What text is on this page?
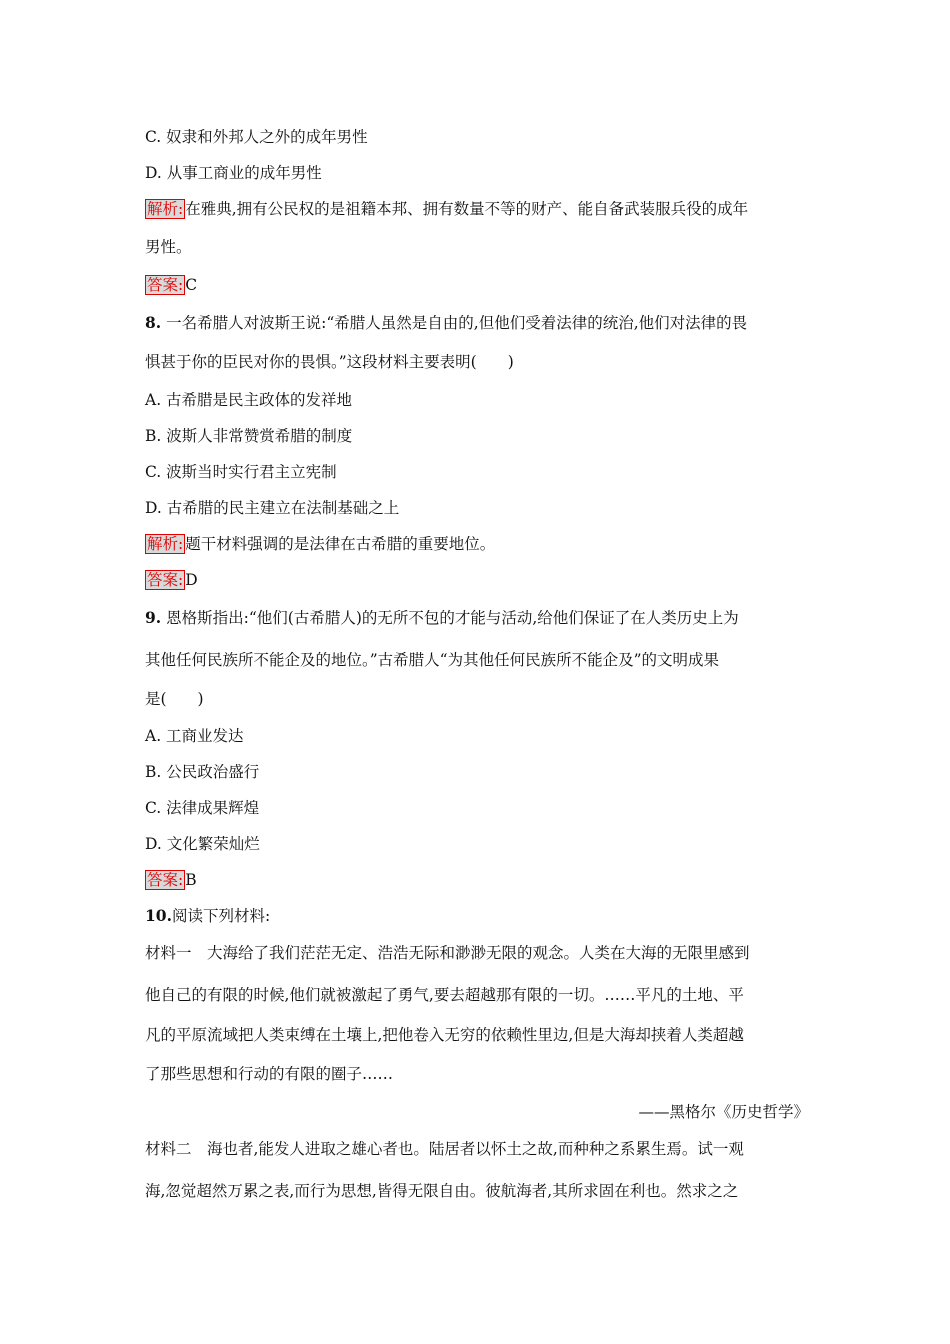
C. 奴隶和外邦人之外的成年男性
D. 从事工商业的成年男性
解析: 在雅典,拥有公民权的是祖籍本邦、拥有数量不等的财产、能自备武装服兵役的成年
男性。
答案: C
8. 一名希腊人对波斯王说:“希腊人虽然是自由的,但他们受着法律的统治,他们对法律的畏
惧甚于你的臣民对你的畏惧。”这段材料主要表明(　　)
A. 古希腊是民主政体的发祥地
B. 波斯人非常赞赏希腊的制度
C. 波斯当时实行君主立宪制
D. 古希腊的民主建立在法制基础之上
解析: 题干材料强调的是法律在古希腊的重要地位。
答案: D
9. 恩格斯指出:“他们(古希腊人)的无所不包的才能与活动,给他们保证了在人类历史上为
其他任何民族所不能企及的地位。”古希腊人“为其他任何民族所不能企及”的文明成果
是(　　)
A. 工商业发达
B. 公民政治盛行
C. 法律成果辉煌
D. 文化繁荣灿烂
答案: B
10.阅读下列材料:
材料一　大海给了我们茫茫无定、浩浩无际和渺渺无限的观念。人类在大海的无限里感到
他自己的有限的时候,他们就被激起了勇气,要去超越那有限的一切。……平凡的土地、平
凡的平原流域把人类束缚在土壤上,把他卷入无穷的依赖性里边,但是大海却挟着人类超越
了那些思想和行动的有限的圈子……
——黑格尔《历史哲学》
材料二　海也者,能发人进取之雄心者也。陆居者以怀土之故,而种种之系累生焉。试一观
海,忽觉超然万累之表,而行为思想,皆得无限自由。彼航海者,其所求固在利也。然求之之
